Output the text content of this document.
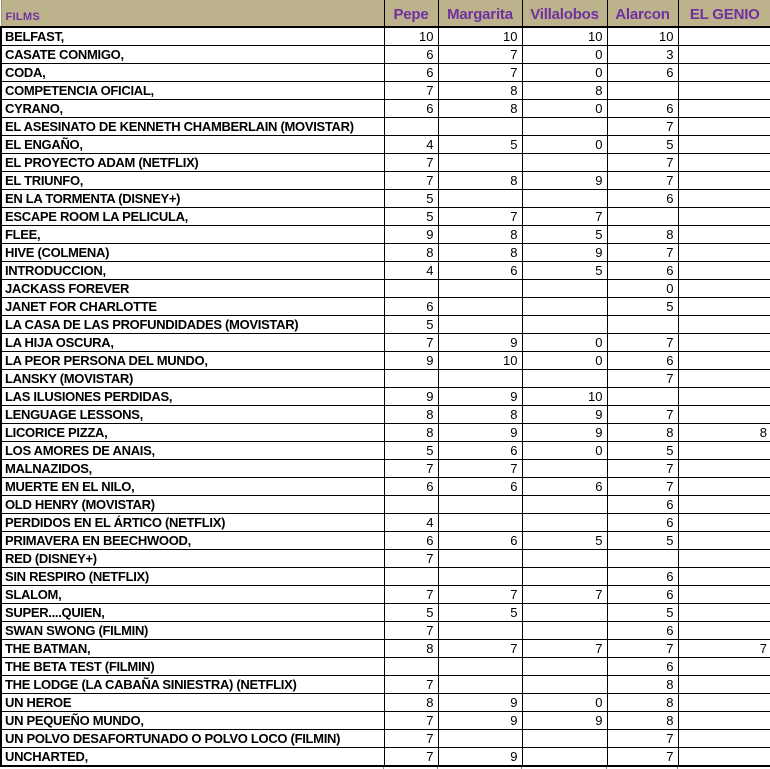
FILMS	Pepe	Margarita	Villalobos	Alarcon	EL GENIO
BELFAST,	10	10	10	10	
CASATE CONMIGO,	6	7	0	3	
CODA,	6	7	0	6	
COMPETENCIA OFICIAL,	7	8	8		
CYRANO,	6	8	0	6	
EL ASESINATO DE KENNETH CHAMBERLAIN (MOVISTAR)				7	
EL ENGAÑO,	4	5	0	5	
EL PROYECTO ADAM (NETFLIX)	7			7	
EL TRIUNFO,	7	8	9	7	
EN LA TORMENTA (DISNEY+)	5			6	
ESCAPE ROOM LA PELICULA,	5	7	7		
FLEE,	9	8	5	8	
HIVE (COLMENA)	8	8	9	7	
INTRODUCCION,	4	6	5	6	
JACKASS FOREVER				0	
JANET FOR CHARLOTTE	6			5	
LA CASA DE LAS PROFUNDIDADES (MOVISTAR)	5				
LA HIJA OSCURA,	7	9	0	7	
LA PEOR PERSONA DEL MUNDO,	9	10	0	6	
LANSKY (MOVISTAR)				7	
LAS ILUSIONES PERDIDAS,	9	9	10		
LENGUAGE LESSONS,	8	8	9	7	
LICORICE PIZZA,	8	9	9	8	8
LOS AMORES DE ANAIS,	5	6	0	5	
MALNAZIDOS,	7	7		7	
MUERTE EN EL NILO,	6	6	6	7	
OLD HENRY (MOVISTAR)				6	
PERDIDOS EN EL ÁRTICO (NETFLIX)	4			6	
PRIMAVERA EN BEECHWOOD,	6	6	5	5	
RED (DISNEY+)	7				
SIN RESPIRO (NETFLIX)				6	
SLALOM,	7	7	7	6	
SUPER....QUIEN,	5	5		5	
SWAN SWONG (FILMIN)	7			6	
THE BATMAN,	8	7	7	7	7
THE BETA TEST (FILMIN)				6	
THE LODGE (LA CABAÑA SINIESTRA) (NETFLIX)	7			8	
UN HEROE	8	9	0	8	
UN PEQUEÑO MUNDO,	7	9	9	8	
UN POLVO DESAFORTUNADO O POLVO LOCO (FILMIN)	7			7	
UNCHARTED,	7	9		7	
